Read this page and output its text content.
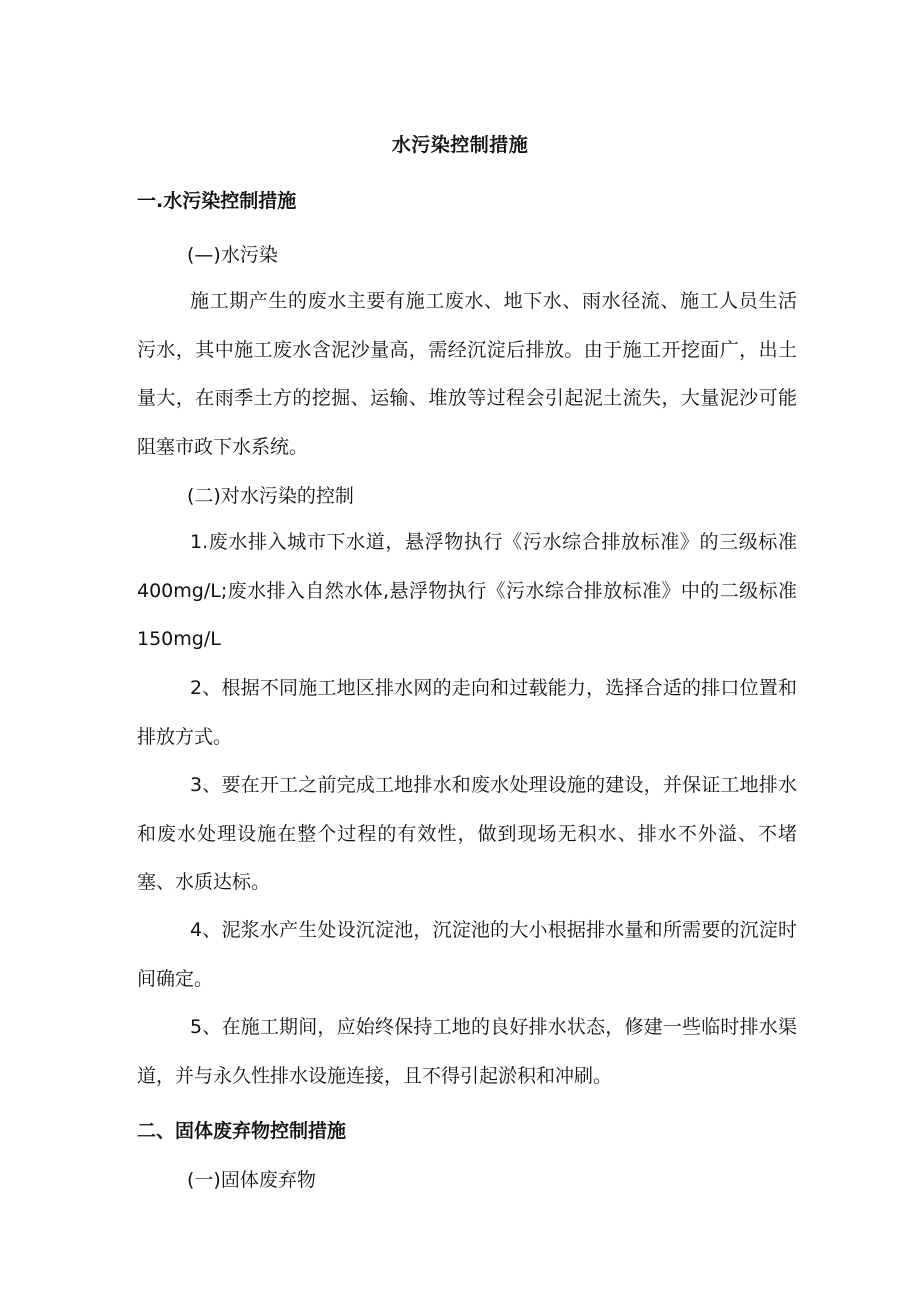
水污染控制措施
一.水污染控制措施
(—)水污染

施工期产生的废水主要有施工废水、地下水、雨水径流、施工人员生活污水，其中施工废水含泥沙量高，需经沉淀后排放。由于施工开挖面广，出土量大，在雨季土方的挖掘、运输、堆放等过程会引起泥土流失，大量泥沙可能阻塞市政下水系统。

(二)对水污染的控制

1.废水排入城市下水道，悬浮物执行《污水综合排放标准》的三级标准400mg∕L;废水排入自然水体,悬浮物执行《污水综合排放标准》中的二级标准150mg∕L

2、根据不同施工地区排水网的走向和过载能力，选择合适的排口位置和排放方式。

3、要在开工之前完成工地排水和废水处理设施的建设，并保证工地排水和废水处理设施在整个过程的有效性，做到现场无积水、排水不外溢、不堵塞、水质达标。

4、泥浆水产生处设沉淀池，沉淀池的大小根据排水量和所需要的沉淀时间确定。

5、在施工期间，应始终保持工地的良好排水状态，修建一些临时排水渠道，并与永久性排水设施连接，且不得引起淤积和冲刷。

二、固体废弃物控制措施
(一)固体废弃物
